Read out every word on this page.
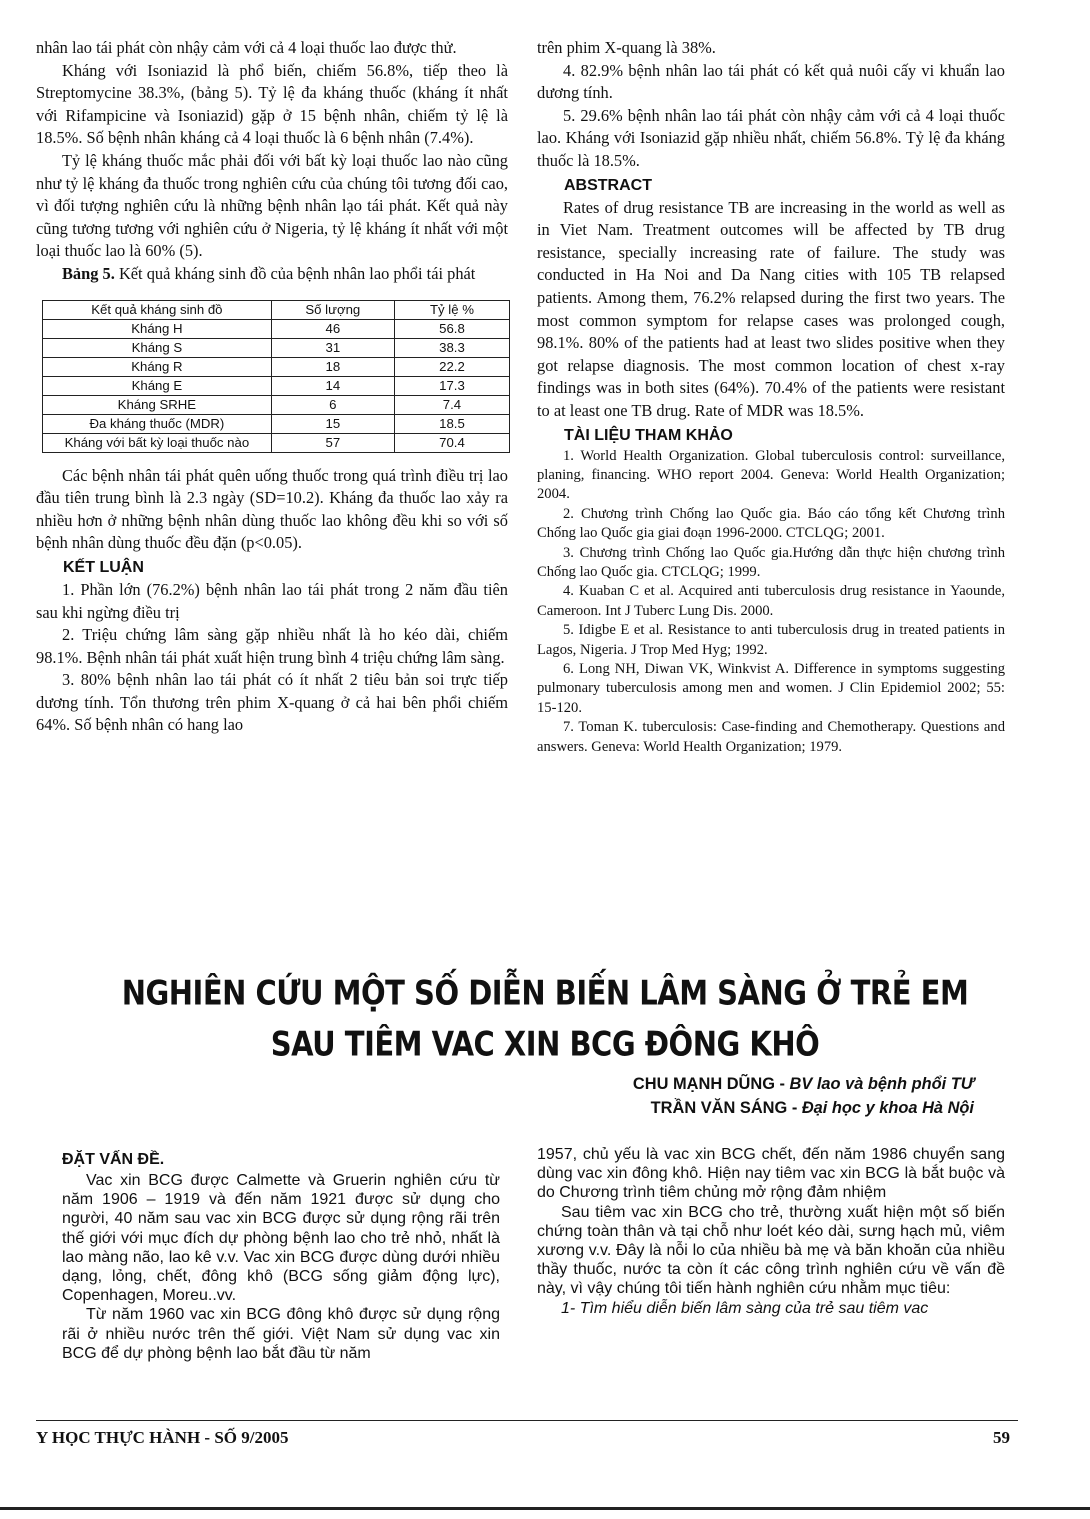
nhân lao tái phát còn nhậy cảm với cả 4 loại thuốc lao được thử.

Kháng với Isoniazid là phổ biến, chiếm 56.8%, tiếp theo là Streptomycine 38.3%, (bảng 5). Tỷ lệ đa kháng thuốc (kháng ít nhất với Rifampicine và Isoniazid) gặp ở 15 bệnh nhân, chiếm tỷ lệ là 18.5%. Số bệnh nhân kháng cả 4 loại thuốc là 6 bệnh nhân (7.4%).

Tỷ lệ kháng thuốc mắc phải đối với bất kỳ loại thuốc lao nào cũng như tỷ lệ kháng đa thuốc trong nghiên cứu của chúng tôi tương đối cao, vì đối tượng nghiên cứu là những bệnh nhân lạo tái phát. Kết quả này cũng tương tương với nghiên cứu ở Nigeria, tỷ lệ kháng ít nhất với một loại thuốc lao là 60% (5).

Bảng 5. Kết quả kháng sinh đồ của bệnh nhân lao phổi tái phát

Kết quả kháng sinh đồ	Số lượng	Tỷ lệ %
Kháng H	46	56.8
Kháng S	31	38.3
Kháng R	18	22.2
Kháng E	14	17.3
Kháng SRHE	6	7.4
Đa kháng thuốc (MDR)	15	18.5
Kháng với bất kỳ loại thuốc nào	57	70.4

Các bệnh nhân tái phát quên uống thuốc trong quá trình điều trị lao đầu tiên trung bình là 2.3 ngày (SD=10.2). Kháng đa thuốc lao xảy ra nhiều hơn ở những bệnh nhân dùng thuốc lao không đều khi so với số bệnh nhân dùng thuốc đều đặn (p<0.05).

KẾT LUẬN

1. Phần lớn (76.2%) bệnh nhân lao tái phát trong 2 năm đầu tiên sau khi ngừng điều trị

2. Triệu chứng lâm sàng gặp nhiều nhất là ho kéo dài, chiếm 98.1%. Bệnh nhân tái phát xuất hiện trung bình 4 triệu chứng lâm sàng.

3. 80% bệnh nhân lao tái phát có ít nhất 2 tiêu bản soi trực tiếp dương tính. Tổn thương trên phim X-quang ở cả hai bên phổi chiếm 64%. Số bệnh nhân có hang lao

trên phim X-quang là 38%.

4. 82.9% bệnh nhân lao tái phát có kết quả nuôi cấy vi khuẩn lao dương tính.

5. 29.6% bệnh nhân lao tái phát còn nhậy cảm với cả 4 loại thuốc lao. Kháng với Isoniazid gặp nhiều nhất, chiếm 56.8%. Tỷ lệ đa kháng thuốc là 18.5%.

ABSTRACT

Rates of drug resistance TB are increasing in the world as well as in Viet Nam. Treatment outcomes will be affected by TB drug resistance, specially increasing rate of failure. The study was conducted in Ha Noi and Da Nang cities with 105 TB relapsed patients. Among them, 76.2% relapsed during the first two years. The most common symptom for relapse cases was prolonged cough, 98.1%. 80% of the patients had at least two slides positive when they got relapse diagnosis. The most common location of chest x-ray findings was in both sites (64%). 70.4% of the patients were resistant to at least one TB drug. Rate of MDR was 18.5%.

TÀI LIỆU THAM KHẢO

1. World Health Organization. Global tuberculosis control: surveillance, planing, financing. WHO report 2004. Geneva: World Health Organization; 2004.

2. Chương trình Chống lao Quốc gia. Báo cáo tổng kết Chương trình Chống lao Quốc gia giai đoạn 1996-2000. CTCLQG; 2001.

3. Chương trình Chống lao Quốc gia.Hướng dẫn thực hiện chương trình Chống lao Quốc gia. CTCLQG; 1999.

4. Kuaban C et al. Acquired anti tuberculosis drug resistance in Yaounde, Cameroon. Int J Tuberc Lung Dis. 2000.

5. Idigbe E et al. Resistance to anti tuberculosis drug in treated patients in Lagos, Nigeria. J Trop Med Hyg; 1992.

6. Long NH, Diwan VK, Winkvist A. Difference in symptoms suggesting pulmonary tuberculosis among men and women. J Clin Epidemiol 2002; 55: 15-120.

7. Toman K. tuberculosis: Case-finding and Chemotherapy. Questions and answers. Geneva: World Health Organization; 1979.

NGHIÊN CỨU MỘT SỐ DIỄN BIẾN LÂM SÀNG Ở TRẺ EM
SAU TIÊM VAC XIN BCG ĐÔNG KHÔ
CHU MẠNH DŨNG - BV lao và bệnh phổi TƯ
TRẦN VĂN SÁNG - Đại học y khoa Hà Nội
ĐẶT VẤN ĐỀ.

Vac xin BCG được Calmette và Gruerin nghiên cứu từ năm 1906 – 1919 và đến năm 1921 được sử dụng cho người, 40 năm sau vac xin BCG được sử dụng rộng rãi trên thế giới với mục đích dự phòng bệnh lao cho trẻ nhỏ, nhất là lao màng não, lao kê v.v. Vac xin BCG được dùng dưới nhiều dạng, lỏng, chết, đông khô (BCG sống giảm động lực), Copenhagen, Moreu..vv.

Từ năm 1960 vac xin BCG đông khô được sử dụng rộng rãi ở nhiều nước trên thế giới. Việt Nam sử dụng vac xin BCG để dự phòng bệnh lao bắt đầu từ năm

1957, chủ yếu là vac xin BCG chết, đến năm 1986 chuyển sang dùng vac xin đông khô. Hiện nay tiêm vac xin BCG là bắt buộc và do Chương trình tiêm chủng mở rộng đảm nhiệm

Sau tiêm vac xin BCG cho trẻ, thường xuất hiện một số biến chứng toàn thân và tại chỗ như loét kéo dài, sưng hạch mủ, viêm xương v.v. Đây là nỗi lo của nhiều bà mẹ và băn khoăn của nhiều thầy thuốc, nước ta còn ít các công trình nghiên cứu về vấn đề này, vì vậy chúng tôi tiến hành nghiên cứu nhằm mục tiêu:

1- Tìm hiểu diễn biến lâm sàng của trẻ sau tiêm vac

Y HỌC THỰC HÀNH - SỐ 9/2005	59
